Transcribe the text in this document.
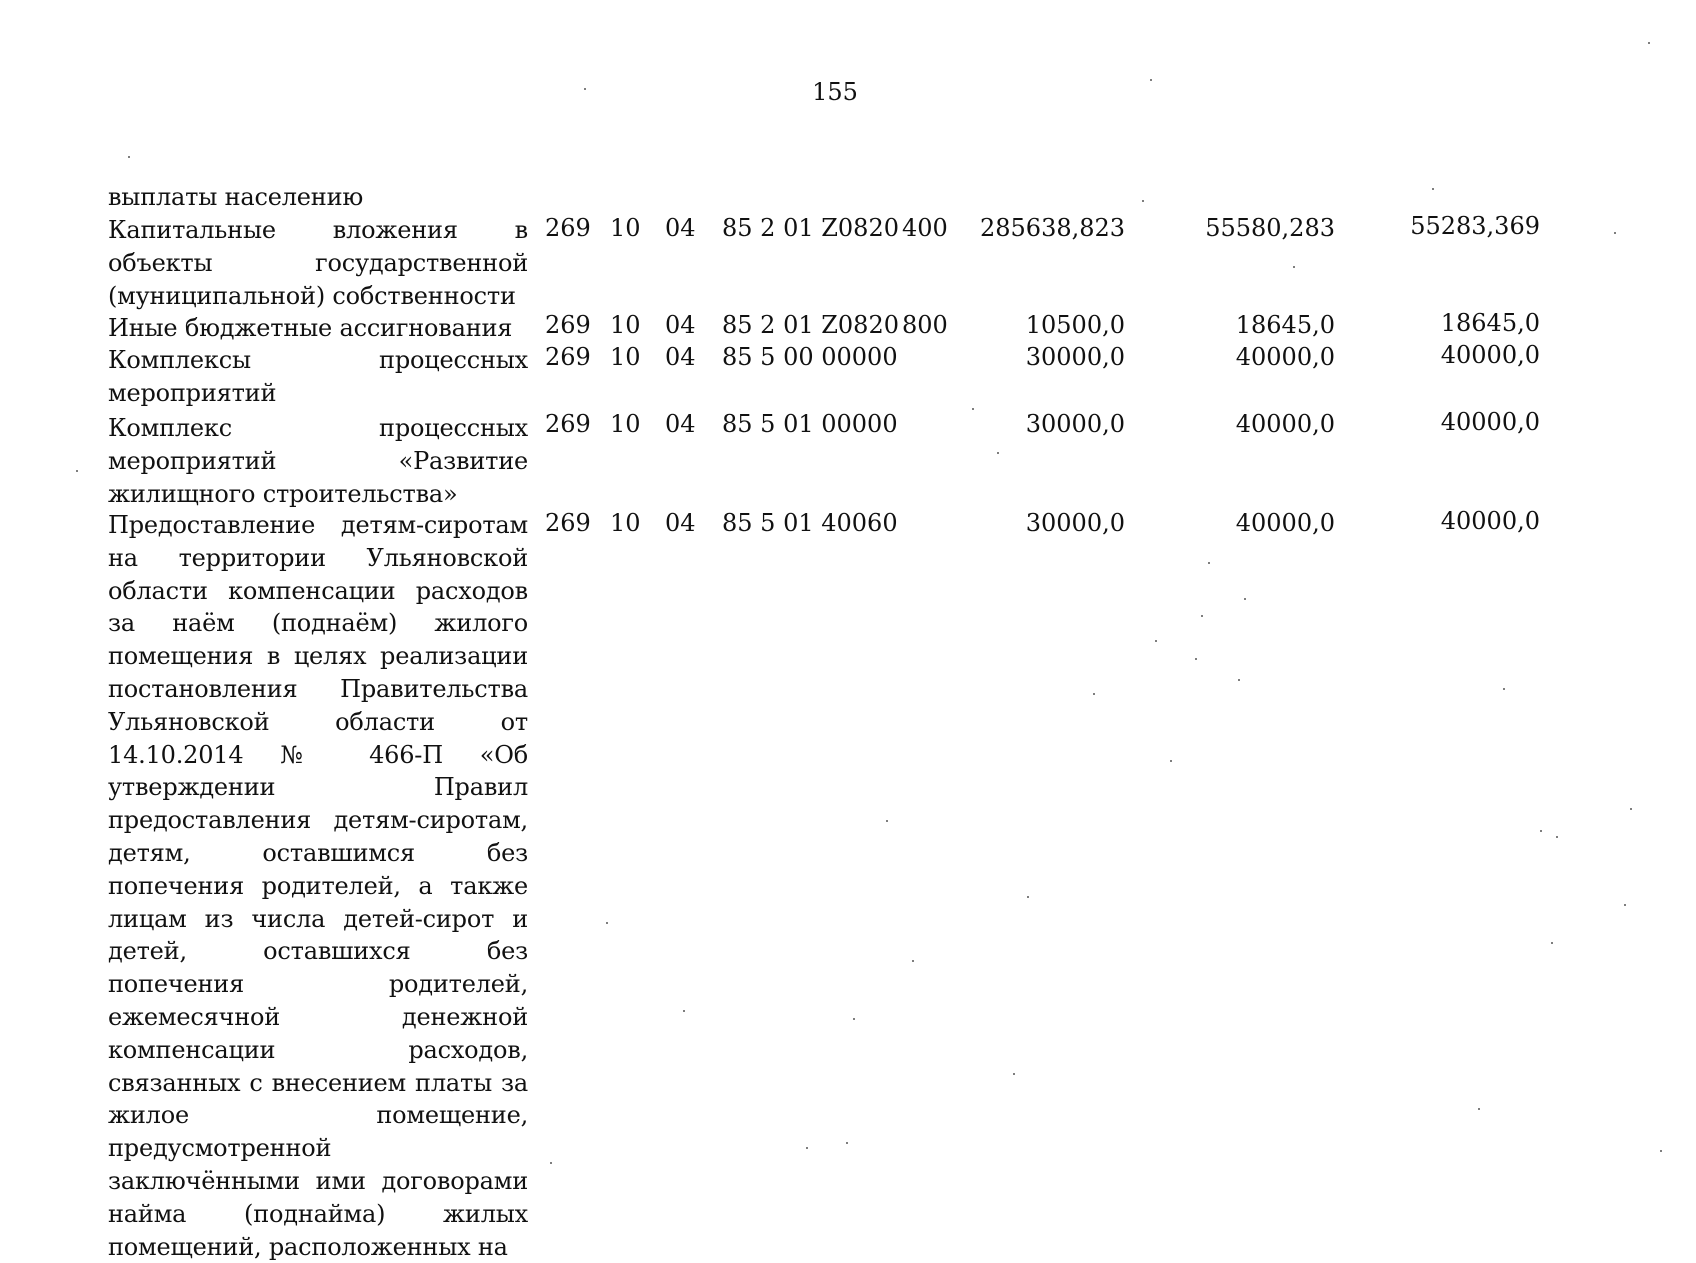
155
выплаты населению
Капитальные вложения в объекты государственной (муниципальной) собственности
269 10 04 85 2 01 Z0820 400 285638,823	55580,283	55283,369
Иные бюджетные ассигнования	269 10 04 85 2 01 Z0820 800	10500,0	18645,0	18645,0
Комплексы процессных мероприятий
269 10 04 85 5 00 00000	30000,0	40000,0	40000,0
Комплекс процессных мероприятий «Развитие жилищного строительства»
269 10 04 85 5 01 00000	30000,0	40000,0	40000,0
Предоставление детям-сиротам на территории Ульяновской области компенсации расходов за наём (поднаём) жилого помещения в целях реализации постановления Правительства Ульяновской области от 14.10.2014 № 466-П «Об утверждении Правил предоставления детям-сиротам, детям, оставшимся без попечения родителей, а также лицам из числа детей-сирот и детей, оставшихся без попечения родителей, ежемесячной денежной компенсации расходов, связанных с внесением платы за жилое помещение, предусмотренной заключёнными ими договорами найма (поднайма) жилых помещений, расположенных на
269 10 04 85 5 01 40060	30000,0	40000,0	40000,0
